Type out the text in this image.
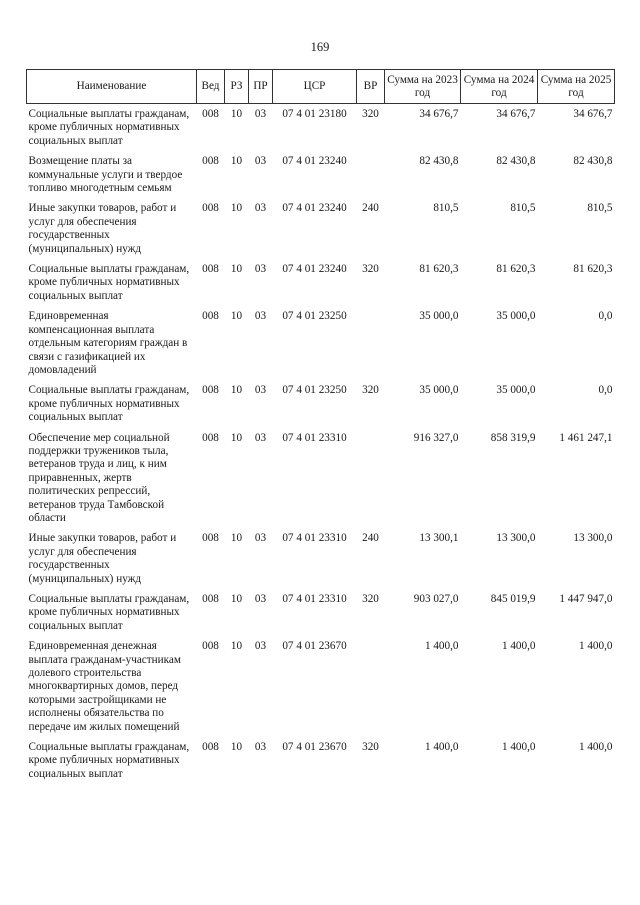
169
Наименование	Вед	РЗ	ПР	ЦСР	ВР	Сумма на 2023 год	Сумма на 2024 год	Сумма на 2025 год
Социальные выплаты гражданам, кроме публичных нормативных социальных выплат	008	10	03	07 4 01 23180	320	34 676,7	34 676,7	34 676,7
Возмещение платы за коммунальные услуги и твердое топливо многодетным семьям	008	10	03	07 4 01 23240		82 430,8	82 430,8	82 430,8
Иные закупки товаров, работ и услуг для обеспечения государственных (муниципальных) нужд	008	10	03	07 4 01 23240	240	810,5	810,5	810,5
Социальные выплаты гражданам, кроме публичных нормативных социальных выплат	008	10	03	07 4 01 23240	320	81 620,3	81 620,3	81 620,3
Единовременная компенсационная выплата отдельным категориям граждан в связи с газификацией их домовладений	008	10	03	07 4 01 23250		35 000,0	35 000,0	0,0
Социальные выплаты гражданам, кроме публичных нормативных социальных выплат	008	10	03	07 4 01 23250	320	35 000,0	35 000,0	0,0
Обеспечение мер социальной поддержки тружеников тыла, ветеранов труда и лиц, к ним приравненных, жертв политических репрессий, ветеранов труда Тамбовской области	008	10	03	07 4 01 23310		916 327,0	858 319,9	1 461 247,1
Иные закупки товаров, работ и услуг для обеспечения государственных (муниципальных) нужд	008	10	03	07 4 01 23310	240	13 300,1	13 300,0	13 300,0
Социальные выплаты гражданам, кроме публичных нормативных социальных выплат	008	10	03	07 4 01 23310	320	903 027,0	845 019,9	1 447 947,0
Единовременная денежная выплата гражданам-участникам долевого строительства многоквартирных домов, перед которыми застройщиками не исполнены обязательства по передаче им жилых помещений	008	10	03	07 4 01 23670		1 400,0	1 400,0	1 400,0
Социальные выплаты гражданам, кроме публичных нормативных социальных выплат	008	10	03	07 4 01 23670	320	1 400,0	1 400,0	1 400,0
